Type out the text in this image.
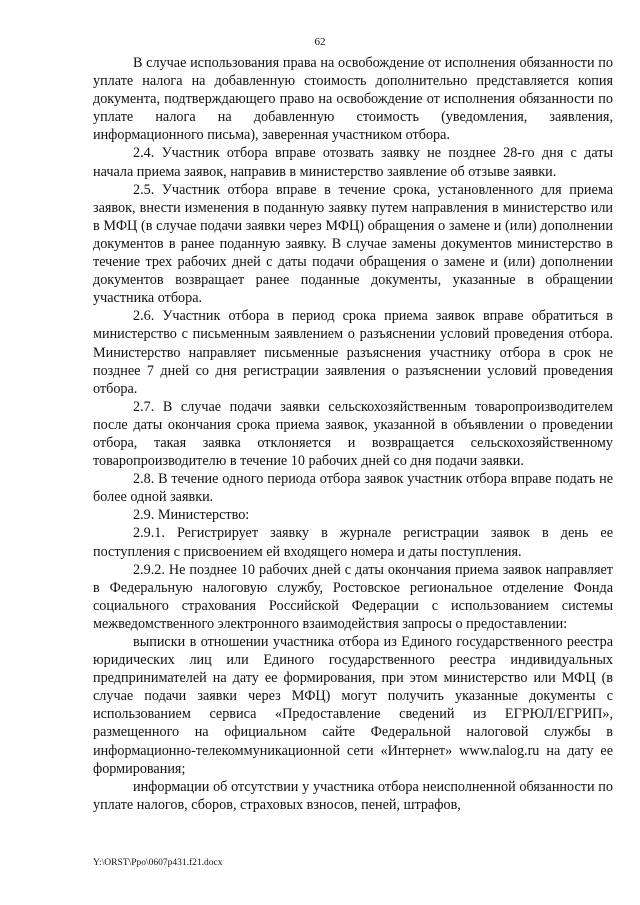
62

В случае использования права на освобождение от исполнения обязанности по уплате налога на добавленную стоимость дополнительно представляется копия документа, подтверждающего право на освобождение от исполнения обязанности по уплате налога на добавленную стоимость (уведомления, заявления, информационного письма), заверенная участником отбора.

2.4. Участник отбора вправе отозвать заявку не позднее 28-го дня с даты начала приема заявок, направив в министерство заявление об отзыве заявки.

2.5. Участник отбора вправе в течение срока, установленного для приема заявок, внести изменения в поданную заявку путем направления в министерство или в МФЦ (в случае подачи заявки через МФЦ) обращения о замене и (или) дополнении документов в ранее поданную заявку. В случае замены документов министерство в течение трех рабочих дней с даты подачи обращения о замене и (или) дополнении документов возвращает ранее поданные документы, указанные в обращении участника отбора.

2.6. Участник отбора в период срока приема заявок вправе обратиться в министерство с письменным заявлением о разъяснении условий проведения отбора. Министерство направляет письменные разъяснения участнику отбора в срок не позднее 7 дней со дня регистрации заявления о разъяснении условий проведения отбора.

2.7. В случае подачи заявки сельскохозяйственным товаропроизводителем после даты окончания срока приема заявок, указанной в объявлении о проведении отбора, такая заявка отклоняется и возвращается сельскохозяйственному товаропроизводителю в течение 10 рабочих дней со дня подачи заявки.

2.8. В течение одного периода отбора заявок участник отбора вправе подать не более одной заявки.

2.9. Министерство:

2.9.1. Регистрирует заявку в журнале регистрации заявок в день ее поступления с присвоением ей входящего номера и даты поступления.

2.9.2. Не позднее 10 рабочих дней с даты окончания приема заявок направляет в Федеральную налоговую службу, Ростовское региональное отделение Фонда социального страхования Российской Федерации с использованием системы межведомственного электронного взаимодействия запросы о предоставлении:

выписки в отношении участника отбора из Единого государственного реестра юридических лиц или Единого государственного реестра индивидуальных предпринимателей на дату ее формирования, при этом министерство или МФЦ (в случае подачи заявки через МФЦ) могут получить указанные документы с использованием сервиса «Предоставление сведений из ЕГРЮЛ/ЕГРИП», размещенного на официальном сайте Федеральной налоговой службы в информационно-телекоммуникационной сети «Интернет» www.nalog.ru на дату ее формирования;

информации об отсутствии у участника отбора неисполненной обязанности по уплате налогов, сборов, страховых взносов, пеней, штрафов,

Y:\ORST\Ppo\0607p431.f21.docx
